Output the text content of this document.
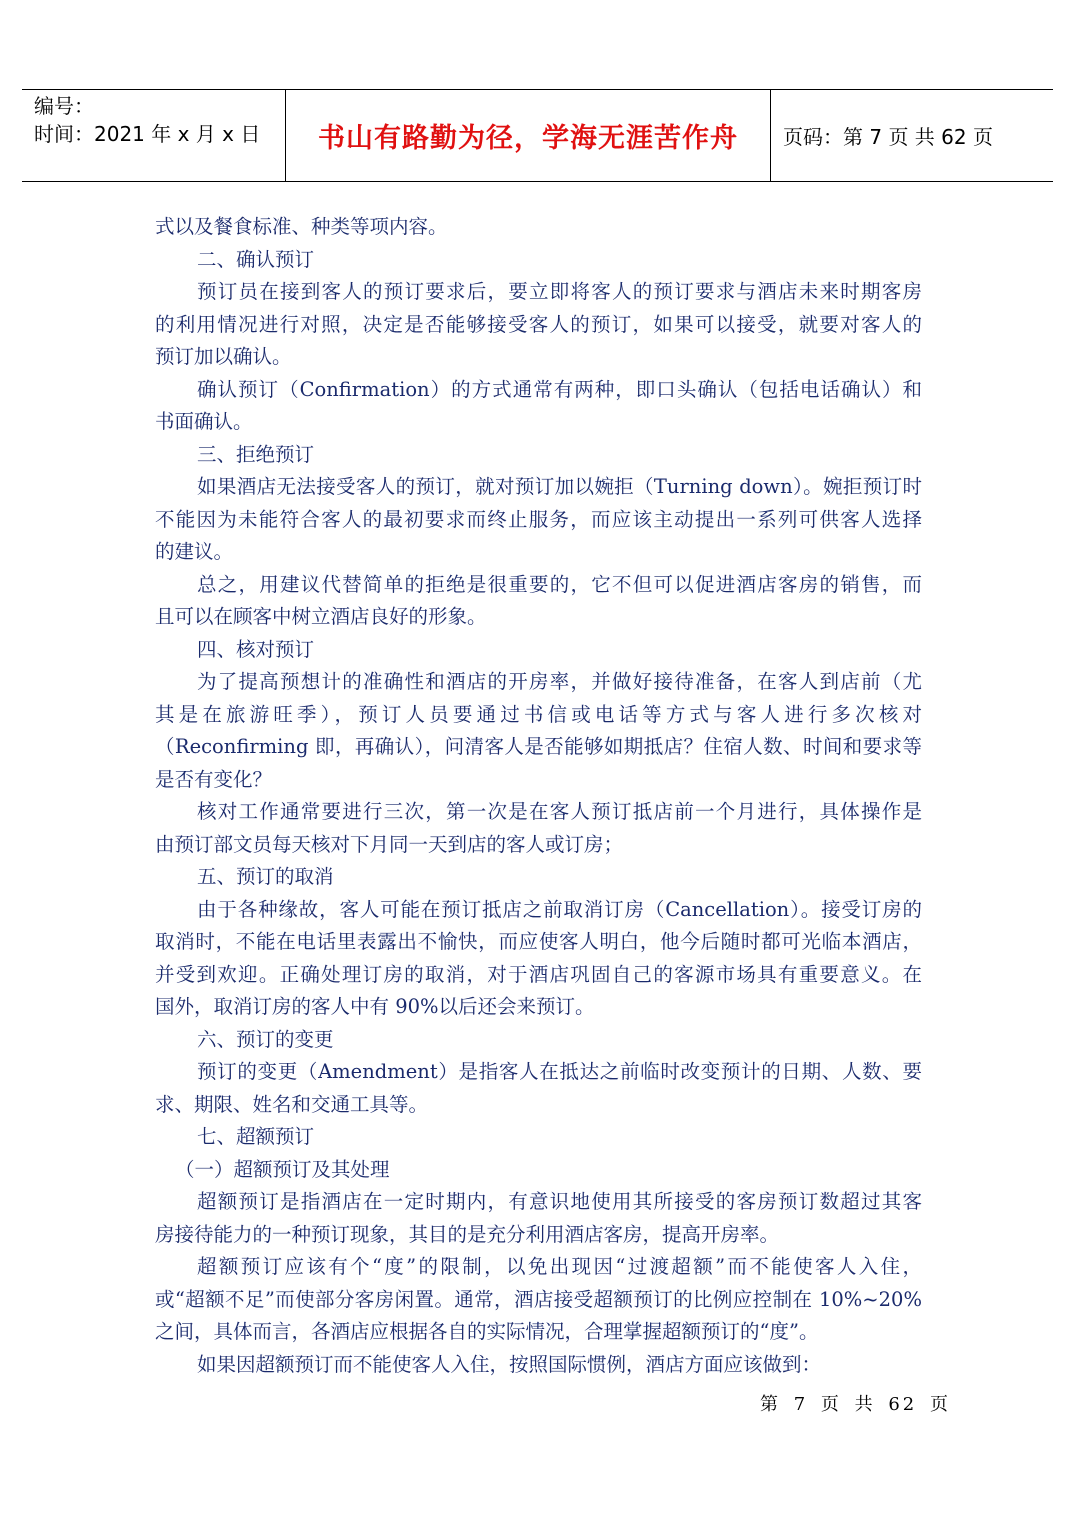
编号：
时间：2021 年 x 月 x 日 书山有路勤为径，学海无涯苦作舟	页码：第 7 页 共 62 页
式以及餐食标准、种类等项内容。
二、确认预订
预订员在接到客人的预订要求后，要立即将客人的预订要求与酒店未来时期客房
的利用情况进行对照，决定是否能够接受客人的预订，如果可以接受，就要对客人的
预订加以确认。
确认预订（Confirmation）的方式通常有两种，即口头确认（包括电话确认）和
书面确认。
三、拒绝预订
如果酒店无法接受客人的预订，就对预订加以婉拒（Turning down）。婉拒预订时
不能因为未能符合客人的最初要求而终止服务，而应该主动提出一系列可供客人选择
的建议。
总之，用建议代替简单的拒绝是很重要的，它不但可以促进酒店客房的销售，而
且可以在顾客中树立酒店良好的形象。
四、核对预订
为了提高预想计的准确性和酒店的开房率，并做好接待准备，在客人到店前（尤
其是在旅游旺季），预订人员要通过书信或电话等方式与客人进行多次核对
（Reconfirming 即，再确认），问清客人是否能够如期抵店？住宿人数、时间和要求等
是否有变化？
核对工作通常要进行三次，第一次是在客人预订抵店前一个月进行，具体操作是
由预订部文员每天核对下月同一天到店的客人或订房；
五、预订的取消
由于各种缘故，客人可能在预订抵店之前取消订房（Cancellation）。接受订房的
取消时，不能在电话里表露出不愉快，而应使客人明白，他今后随时都可光临本酒店，
并受到欢迎。正确处理订房的取消，对于酒店巩固自己的客源市场具有重要意义。在
国外，取消订房的客人中有 90%以后还会来预订。
六、预订的变更
预订的变更（Amendment）是指客人在抵达之前临时改变预计的日期、人数、要
求、期限、姓名和交通工具等。
七、超额预订
（一）超额预订及其处理
超额预订是指酒店在一定时期内，有意识地使用其所接受的客房预订数超过其客
房接待能力的一种预订现象，其目的是充分利用酒店客房，提高开房率。
超额预订应该有个“度”的限制，以免出现因“过渡超额”而不能使客人入住，
或“超额不足”而使部分客房闲置。通常，酒店接受超额预订的比例应控制在 10%~20%
之间，具体而言，各酒店应根据各自的实际情况，合理掌握超额预订的“度”。
如果因超额预订而不能使客人入住，按照国际惯例，酒店方面应该做到：
第 7 页 共 62 页
